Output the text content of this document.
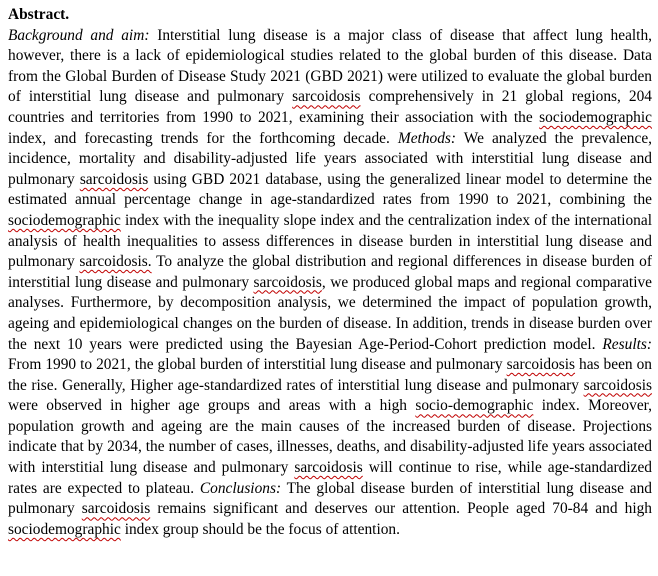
Abstract.

Background and aim: Interstitial lung disease is a major class of disease that affect lung health, however, there is a lack of epidemiological studies related to the global burden of this disease. Data from the Global Burden of Disease Study 2021 (GBD 2021) were utilized to evaluate the global burden of interstitial lung disease and pulmonary sarcoidosis comprehensively in 21 global regions, 204 countries and territories from 1990 to 2021, examining their association with the sociodemographic index, and forecasting trends for the forthcoming decade. Methods: We analyzed the prevalence, incidence, mortality and disability-adjusted life years associated with interstitial lung disease and pulmonary sarcoidosis using GBD 2021 database, using the generalized linear model to determine the estimated annual percentage change in age-standardized rates from 1990 to 2021, combining the sociodemographic index with the inequality slope index and the centralization index of the international analysis of health inequalities to assess differences in disease burden in interstitial lung disease and pulmonary sarcoidosis. To analyze the global distribution and regional differences in disease burden of interstitial lung disease and pulmonary sarcoidosis, we produced global maps and regional comparative analyses. Furthermore, by decomposition analysis, we determined the impact of population growth, ageing and epidemiological changes on the burden of disease. In addition, trends in disease burden over the next 10 years were predicted using the Bayesian Age-Period-Cohort prediction model. Results: From 1990 to 2021, the global burden of interstitial lung disease and pulmonary sarcoidosis has been on the rise. Generally, Higher age-standardized rates of interstitial lung disease and pulmonary sarcoidosis were observed in higher age groups and areas with a high socio-demographic index. Moreover, population growth and ageing are the main causes of the increased burden of disease. Projections indicate that by 2034, the number of cases, illnesses, deaths, and disability-adjusted life years associated with interstitial lung disease and pulmonary sarcoidosis will continue to rise, while age-standardized rates are expected to plateau. Conclusions: The global disease burden of interstitial lung disease and pulmonary sarcoidosis remains significant and deserves our attention. People aged 70-84 and high sociodemographic index group should be the focus of attention.
